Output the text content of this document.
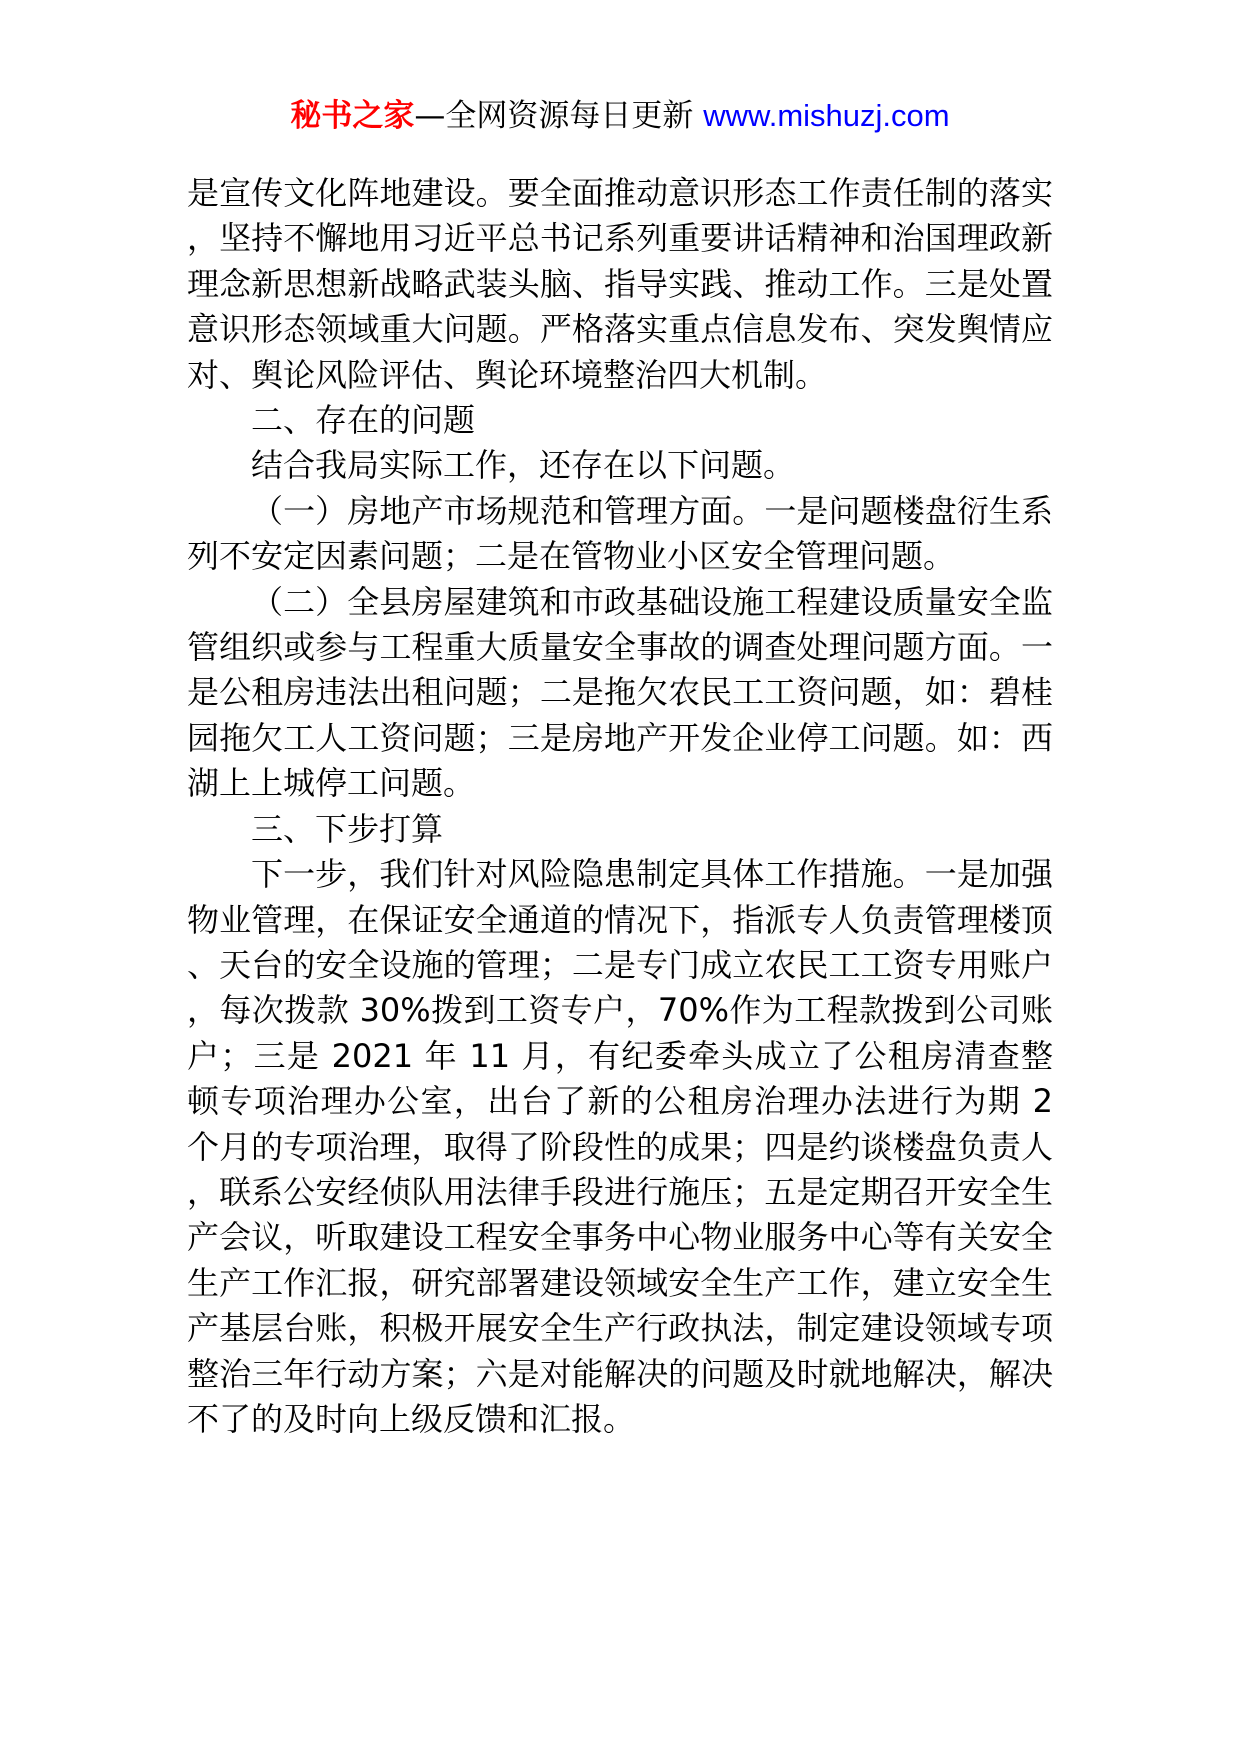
秘书之家—全网资源每日更新 www.mishuzj.com

是宣传文化阵地建设。要全面推动意识形态工作责任制的落实，坚持不懈地用习近平总书记系列重要讲话精神和治国理政新理念新思想新战略武装头脑、指导实践、推动工作。三是处置意识形态领域重大问题。严格落实重点信息发布、突发舆情应对、舆论风险评估、舆论环境整治四大机制。

二、存在的问题

结合我局实际工作，还存在以下问题。

（一）房地产市场规范和管理方面。一是问题楼盘衍生系列不安定因素问题；二是在管物业小区安全管理问题。

（二）全县房屋建筑和市政基础设施工程建设质量安全监管组织或参与工程重大质量安全事故的调查处理问题方面。一是公租房违法出租问题；二是拖欠农民工工资问题，如：碧桂园拖欠工人工资问题；三是房地产开发企业停工问题。如：西湖上上城停工问题。

三、下步打算

下一步，我们针对风险隐患制定具体工作措施。一是加强物业管理，在保证安全通道的情况下，指派专人负责管理楼顶、天台的安全设施的管理；二是专门成立农民工工资专用账户，每次拨款 30%拨到工资专户，70%作为工程款拨到公司账户；三是 2021 年 11 月，有纪委牵头成立了公租房清查整顿专项治理办公室，出台了新的公租房治理办法进行为期 2 个月的专项治理，取得了阶段性的成果；四是约谈楼盘负责人，联系公安经侦队用法律手段进行施压；五是定期召开安全生产会议，听取建设工程安全事务中心物业服务中心等有关安全生产工作汇报，研究部署建设领域安全生产工作，建立安全生产基层台账，积极开展安全生产行政执法，制定建设领域专项整治三年行动方案；六是对能解决的问题及时就地解决，解决不了的及时向上级反馈和汇报。
